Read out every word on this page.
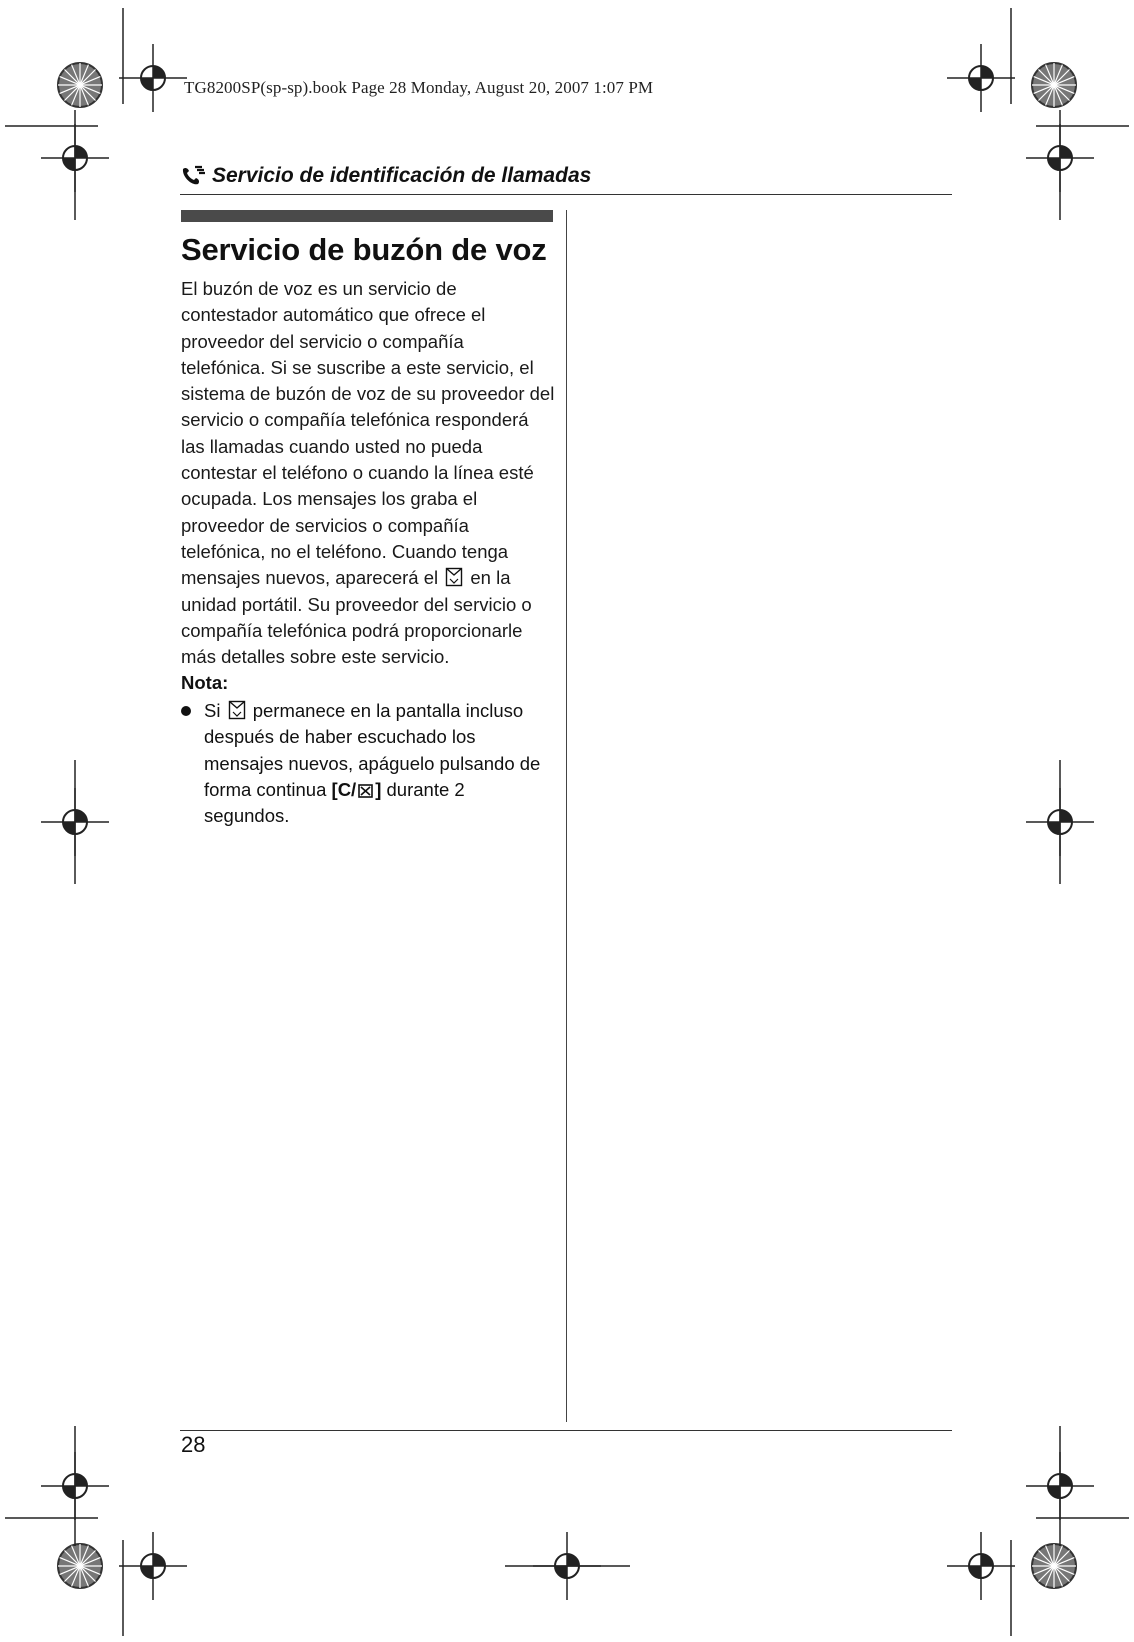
TG8200SP(sp-sp).book Page 28 Monday, August 20, 2007 1:07 PM
Servicio de identificación de llamadas
Servicio de buzón de voz
El buzón de voz es un servicio de
contestador automático que ofrece el
proveedor del servicio o compañía
telefónica. Si se suscribe a este servicio, el
sistema de buzón de voz de su proveedor del
servicio o compañía telefónica responderá
las llamadas cuando usted no pueda
contestar el teléfono o cuando la línea esté
ocupada. Los mensajes los graba el
proveedor de servicios o compañía
telefónica, no el teléfono. Cuando tenga
mensajes nuevos, aparecerá el en la
unidad portátil. Su proveedor del servicio o
compañía telefónica podrá proporcionarle
más detalles sobre este servicio.
Nota:
Si permanece en la pantalla incluso
después de haber escuchado los
mensajes nuevos, apáguelo pulsando de
forma continua [C/ ] durante 2
segundos.
28
